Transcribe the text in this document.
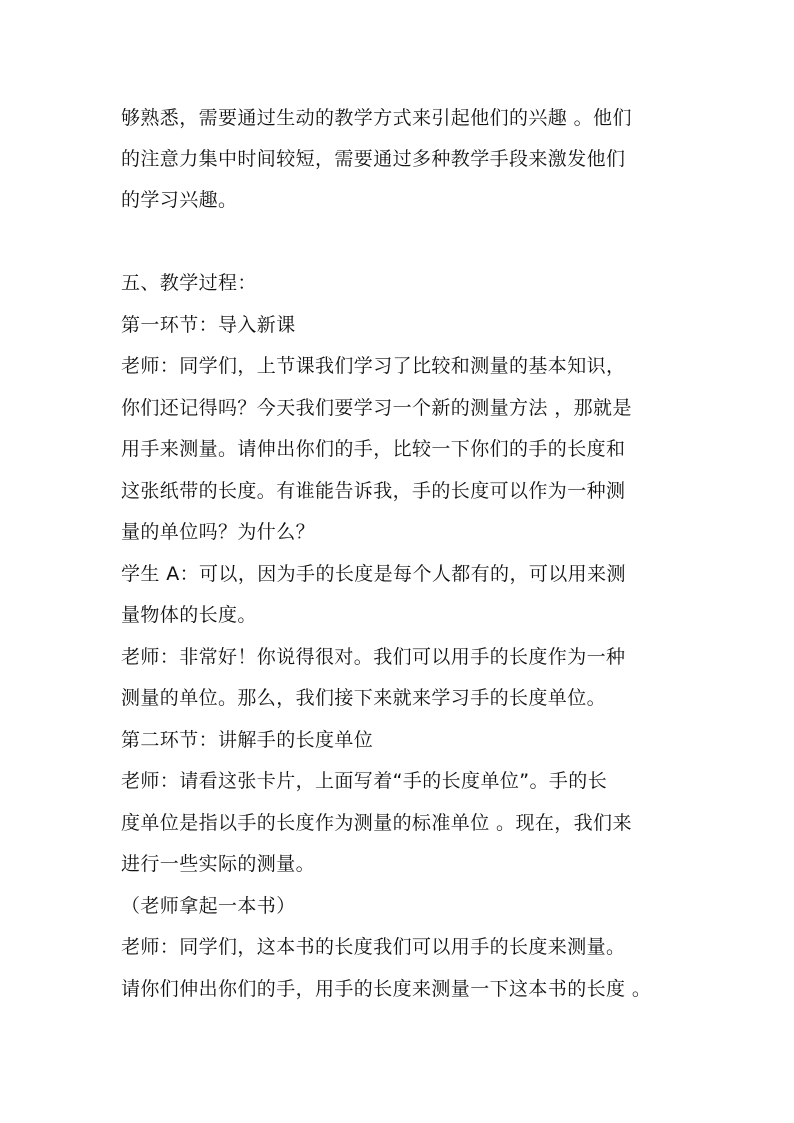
够熟悉，需要通过生动的教学方式来引起他们的兴趣 。他们
的注意力集中时间较短，需要通过多种教学手段来激发他们
的学习兴趣。
五、教学过程：
第一环节：导入新课
老师：同学们，上节课我们学习了比较和测量的基本知识，
你们还记得吗？今天我们要学习一个新的测量方法 ，那就是
用手来测量。请伸出你们的手，比较一下你们的手的长度和
这张纸带的长度。有谁能告诉我，手的长度可以作为一种测
量的单位吗？为什么？
学生 A：可以，因为手的长度是每个人都有的，可以用来测
量物体的长度。
老师：非常好！你说得很对。我们可以用手的长度作为一种
测量的单位。那么，我们接下来就来学习手的长度单位。
第二环节：讲解手的长度单位
老师：请看这张卡片，上面写着“手的长度单位”。手的长
度单位是指以手的长度作为测量的标准单位 。现在，我们来
进行一些实际的测量。
（老师拿起一本书）
老师：同学们，这本书的长度我们可以用手的长度来测量。
请你们伸出你们的手，用手的长度来测量一下这本书的长度 。
